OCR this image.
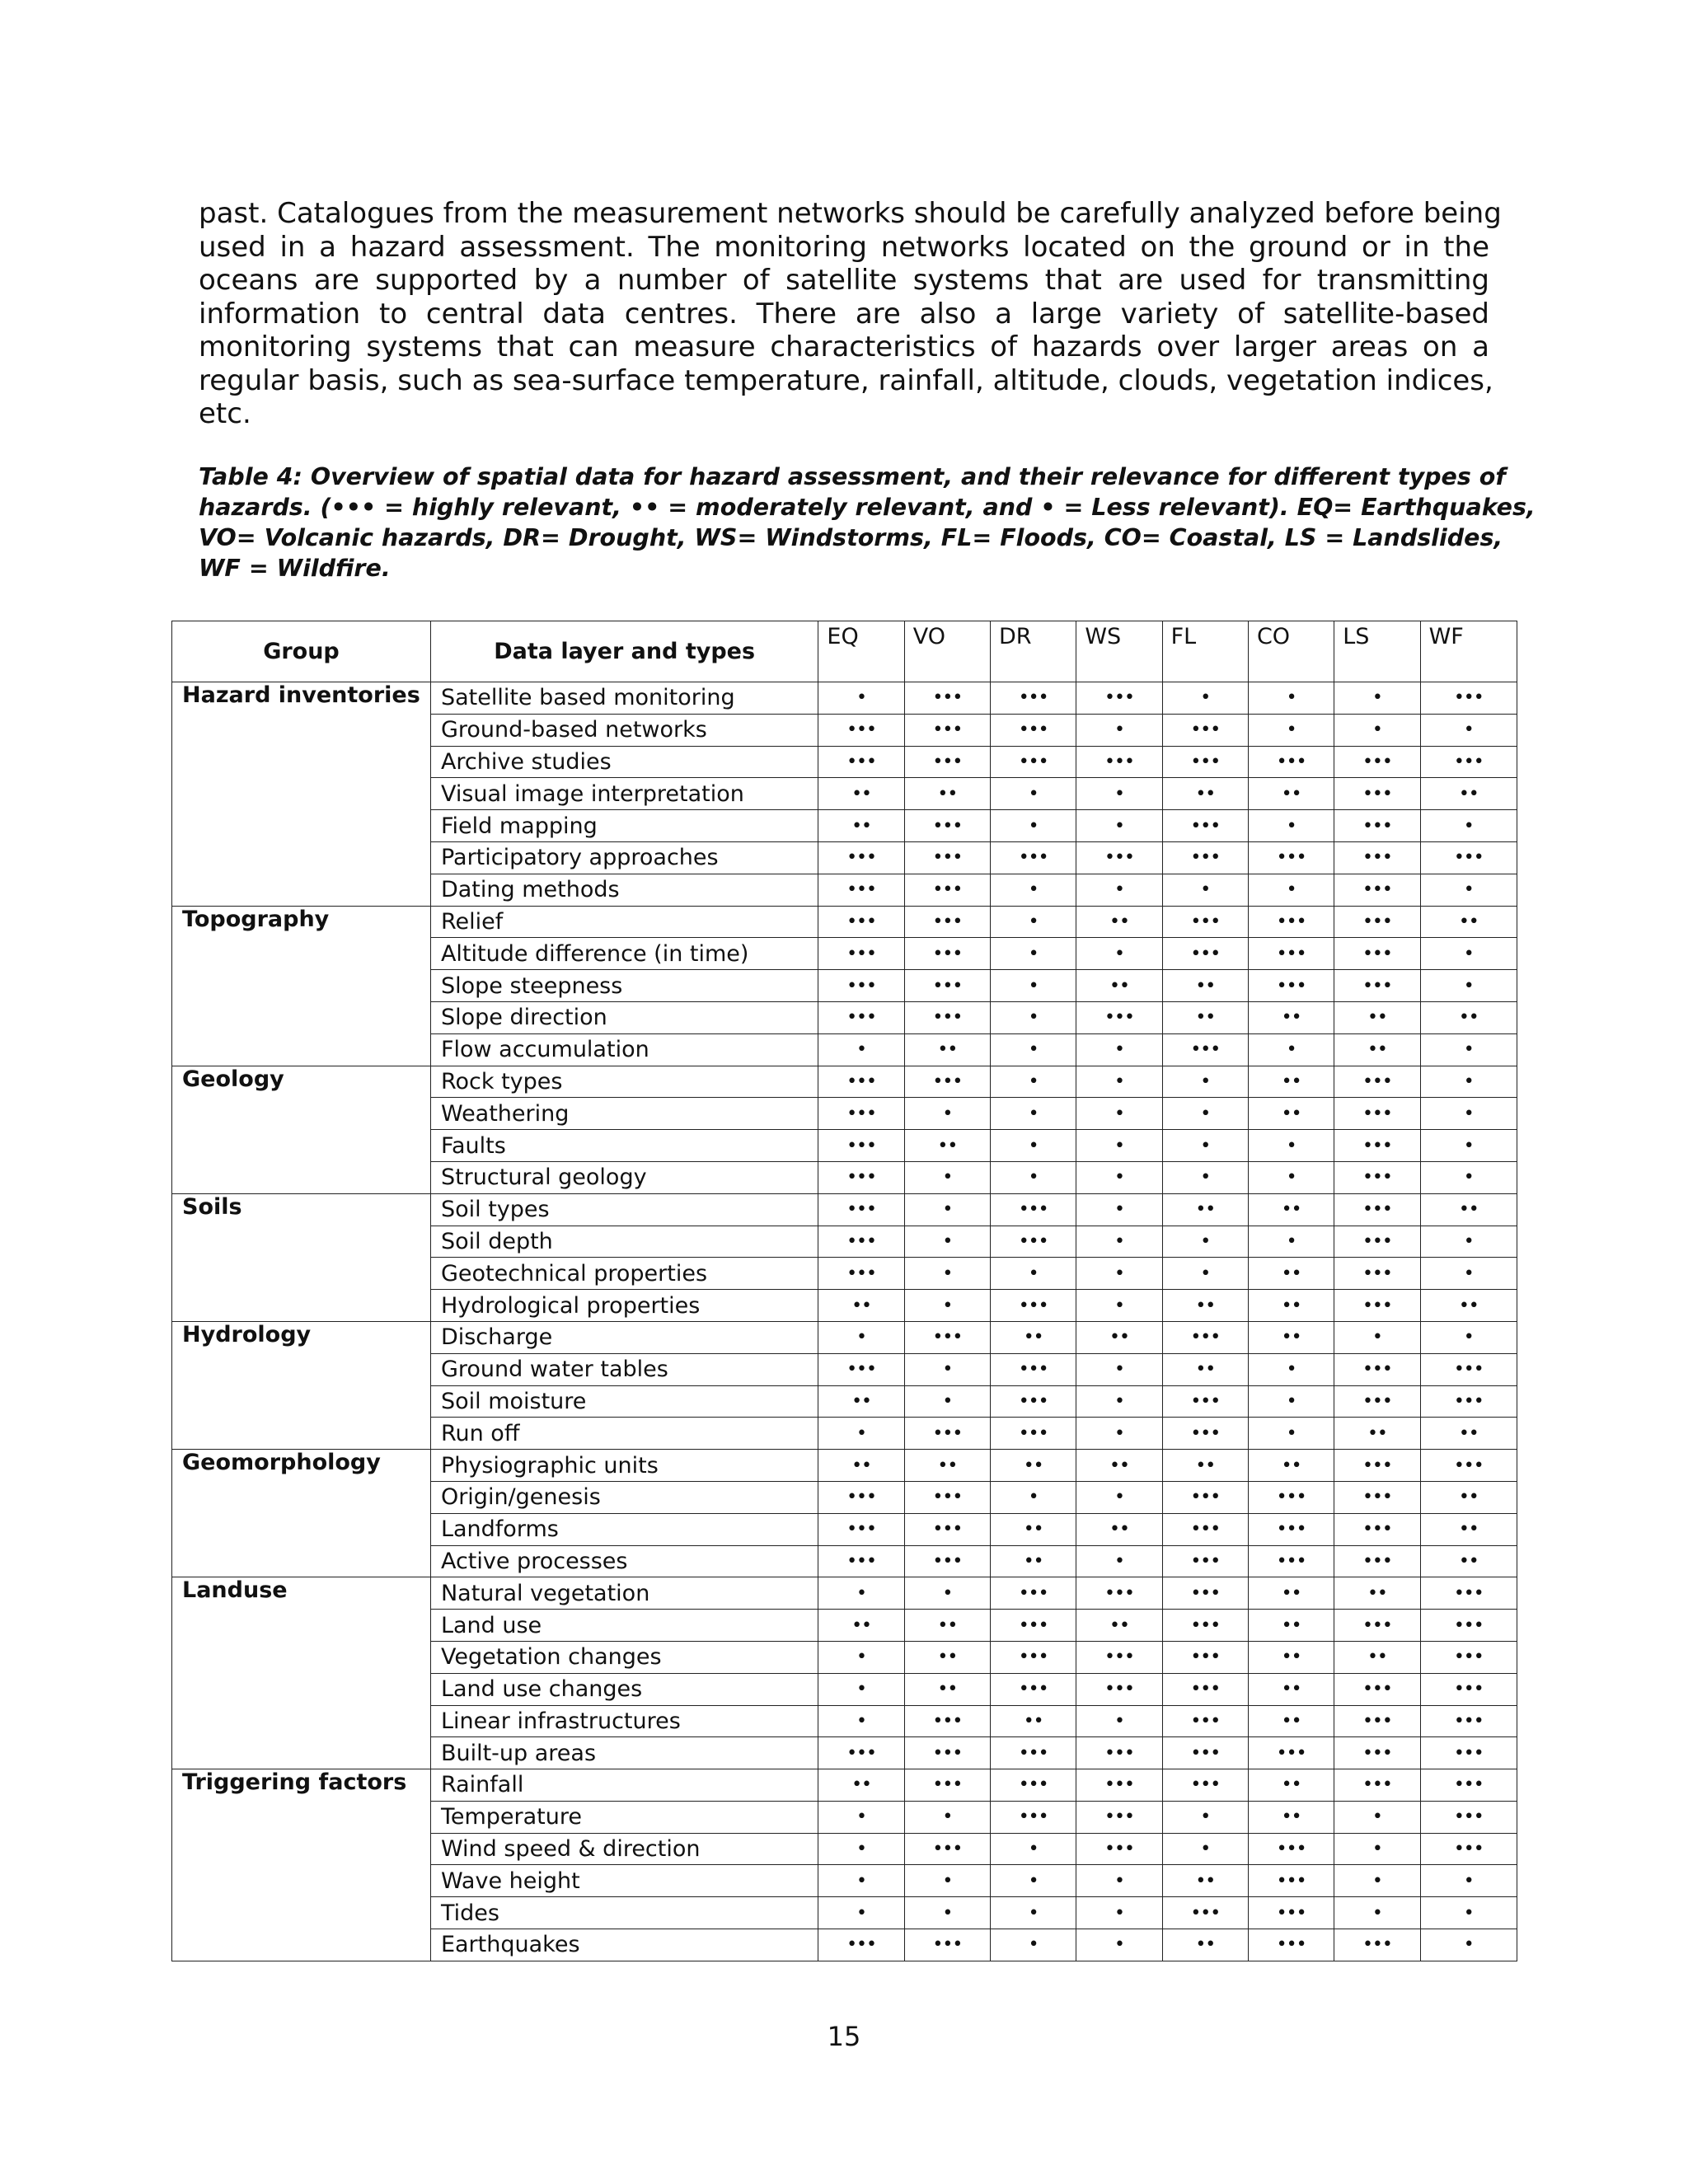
past. Catalogues from the measurement networks should be carefully analyzed before being
used in a hazard assessment. The monitoring networks located on the ground or in the
oceans are supported by a number of satellite systems that are used for transmitting
information to central data centres. There are also a large variety of satellite-based
monitoring systems that can measure characteristics of hazards over larger areas on a
regular basis, such as sea-surface temperature, rainfall, altitude, clouds, vegetation indices,
etc.
Table 4: Overview of spatial data for hazard assessment, and their relevance for different types of
hazards. (••• = highly relevant, •• = moderately relevant, and • = Less relevant). EQ= Earthquakes,
VO= Volcanic hazards, DR= Drought, WS= Windstorms, FL= Floods, CO= Coastal, LS = Landslides,
WF = Wildfire.
Group	Data layer and types	EQ	VO	DR	WS	FL	CO	LS	WF
Hazard inventories	Satellite based monitoring	•	•••	•••	•••	•	•	•	•••
	Ground-based networks	•••	•••	•••	•	•••	•	•	•
	Archive studies	•••	•••	•••	•••	•••	•••	•••	•••
	Visual image interpretation	••	••	•	•	••	••	•••	••
	Field mapping	••	•••	•	•	•••	•	•••	•
	Participatory approaches	•••	•••	•••	•••	•••	•••	•••	•••
	Dating methods	•••	•••	•	•	•	•	•••	•
Topography	Relief	•••	•••	•	••	•••	•••	•••	••
	Altitude difference (in time)	•••	•••	•	•	•••	•••	•••	•
	Slope steepness	•••	•••	•	••	••	•••	•••	•
	Slope direction	•••	•••	•	•••	••	••	••	••
	Flow accumulation	•	••	•	•	•••	•	••	•
Geology	Rock types	•••	•••	•	•	•	••	•••	•
	Weathering	•••	•	•	•	•	••	•••	•
	Faults	•••	••	•	•	•	•	•••	•
	Structural geology	•••	•	•	•	•	•	•••	•
Soils	Soil types	•••	•	•••	•	••	••	•••	••
	Soil depth	•••	•	•••	•	•	•	•••	•
	Geotechnical properties	•••	•	•	•	•	••	•••	•
	Hydrological properties	••	•	•••	•	••	••	•••	••
Hydrology	Discharge	•	•••	••	••	•••	••	•	•
	Ground water tables	•••	•	•••	•	••	•	•••	•••
	Soil moisture	••	•	•••	•	•••	•	•••	•••
	Run off	•	•••	•••	•	•••	•	••	••
Geomorphology	Physiographic units	••	••	••	••	••	••	•••	•••
	Origin/genesis	•••	•••	•	•	•••	•••	•••	••
	Landforms	•••	•••	••	••	•••	•••	•••	••
	Active processes	•••	•••	••	•	•••	•••	•••	••
Landuse	Natural vegetation	•	•	•••	•••	•••	••	••	•••
	Land use	••	••	•••	••	•••	••	•••	•••
	Vegetation changes	•	••	•••	•••	•••	••	••	•••
	Land use changes	•	••	•••	•••	•••	••	•••	•••
	Linear infrastructures	•	•••	••	•	•••	••	•••	•••
	Built-up areas	•••	•••	•••	•••	•••	•••	•••	•••
Triggering factors	Rainfall	••	•••	•••	•••	•••	••	•••	•••
	Temperature	•	•	•••	•••	•	••	•	•••
	Wind speed & direction	•	•••	•	•••	•	•••	•	•••
	Wave height	•	•	•	•	••	•••	•	•
	Tides	•	•	•	•	•••	•••	•	•
	Earthquakes	•••	•••	•	•	••	•••	•••	•
15
